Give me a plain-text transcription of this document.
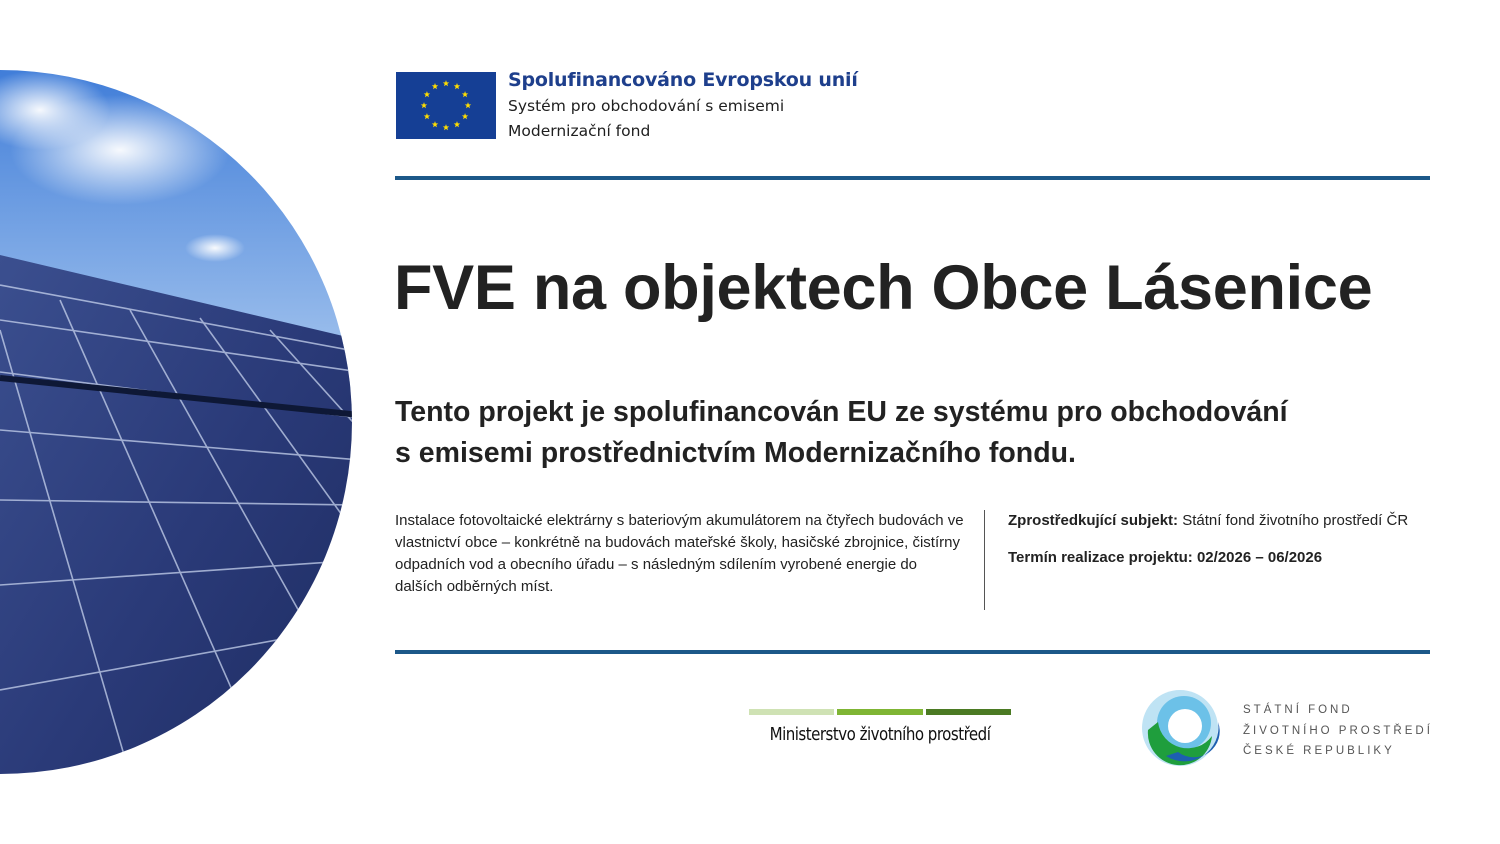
Spolufinancováno Evropskou unií
Systém pro obchodování s emisemi
Modernizační fond
FVE na objektech Obce Lásenice
Tento projekt je spolufinancován EU ze systému pro obchodování
s emisemi prostřednictvím Modernizačního fondu.
Instalace fotovoltaické elektrárny s bateriovým akumulátorem na čtyřech budovách ve vlastnictví obce – konkrétně na budovách mateřské školy, hasičské zbrojnice, čistírny odpadních vod a obecního úřadu – s následným sdílením vyrobené energie do dalších odběrných míst.

Zprostředkující subjekt: Státní fond životního prostředí ČR

Termín realizace projektu: 02/2026 – 06/2026

Ministerstvo životního prostředí
STÁTNÍ FOND
ŽIVOTNÍHO PROSTŘEDÍ
ČESKÉ REPUBLIKY
